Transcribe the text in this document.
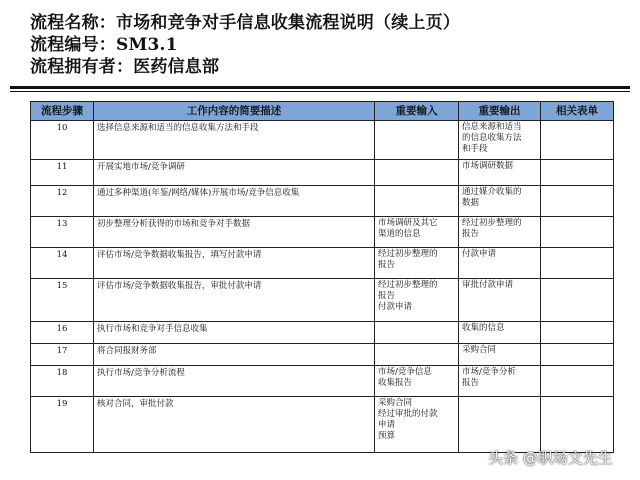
流程名称：市场和竞争对手信息收集流程说明（续上页）
流程编号：SM3.1
流程拥有者：医药信息部
流程步骤	工作内容的简要描述	重要输入	重要输出	相关表单
10	选择信息来源和适当的信息收集方法和手段		信息来源和适当
的信息收集方法
和手段	

11	开展实地市场/竞争调研		市场调研数据	

12	通过多种渠道(年鉴/网络/媒体)开展市场/竞争信息收集		通过媒介收集的
数据	

13	初步整理分析获得的市场和竞争对手数据	市场调研及其它
渠道的信息	经过初步整理的
报告	

14	评估市场/竞争数据收集报告，填写付款申请	经过初步整理的
报告	付款申请	

15	评估市场/竞争数据收集报告，审批付款申请	经过初步整理的
报告
付款申请	审批付款申请	

16	执行市场和竞争对手信息收集		收集的信息	

17	将合同报财务部		采购合同	

18	执行市场/竞争分析流程	市场/竞争信息
收集报告	市场/竞争分析
报告	

19	核对合同，审批付款	采购合同
经过审批的付款
申请
预算		

头条 @职场文先生
